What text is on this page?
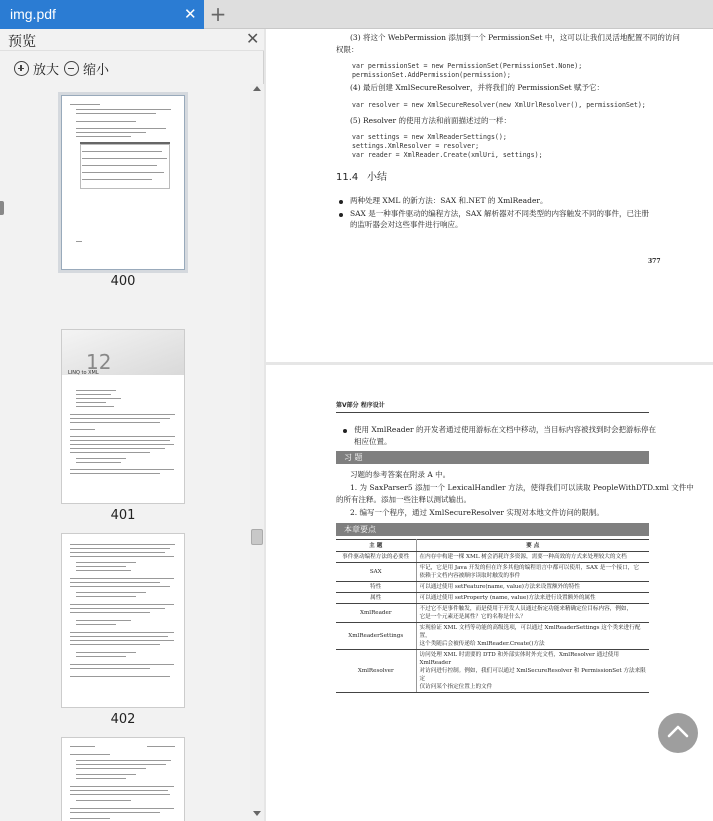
img.pdf	✕ +
预览	✕
放大 缩小
400
12
LINQ to XML
401
402
(3) 将这个 WebPermission 添加到一个 PermissionSet 中，这可以让我们灵活地配置不同的访问
权限：
var permissionSet = new PermissionSet(PermissionSet.None);
permissionSet.AddPermission(permission);
(4) 最后创建 XmlSecureResolver，并将我们的 PermissionSet 赋予它：
var resolver = new XmlSecureResolver(new XmlUrlResolver(), permissionSet);
(5) Resolver 的使用方法和前面描述过的一样：
var settings = new XmlReaderSettings();
settings.XmlResolver = resolver;
var reader = XmlReader.Create(xmlUri, settings);
11.4 小结
两种处理 XML 的新方法：SAX 和.NET 的 XmlReader。
SAX 是一种事件驱动的编程方法，SAX 解析器对不同类型的内容触发不同的事件，已注册
的监听器会对这些事件进行响应。
377
第Ⅴ部分 程序设计
使用 XmlReader 的开发者通过使用游标在文档中移动，当目标内容被找到时会把游标停在
相应位置。
习 题
习题的参考答案在附录 A 中。
1. 为 SaxParser5 添加一个 LexicalHandler 方法，使得我们可以读取 PeopleWithDTD.xml 文件中
的所有注释。添加一些注释以测试输出。
2. 编写一个程序，通过 XmlSecureResolver 实现对本地文件访问的限制。
本章要点
主 题	要 点
事件驱动编程方法的必要性	在内存中构建一棵 XML 树会消耗许多资源，需要一种高效的方式来处理较大的文档

SAX	牢记，它是用 Java 开发的但在许多其他的编程语言中都可以使用，SAX 是一个接口，它
依赖于文档内容被顺序读取时触发的事件

特性	可以通过使用 setFeature(name, value)方法来设置额外的特性

属性	可以通过使用 setProperty (name, value)方法来进行设置额外的属性

XmlReader	不过它不是事件触发，而是使用于开发人员通过指定功能来精确定位目标内容，例如，
它是一个元素还是属性？它的名称是什么？

XmlReaderSettings	实现验证 XML 文档等功能的高级选项，可以通过 XmlReaderSettings 这个类来进行配置，
这个类随后会被传递给 XmlReader.Create()方法

XmlResolver	访问处理 XML 时需要的 DTD 和外部实体时外充文档，XmlResolver 通过使用 XmlReader
对访问进行控制。例如，我们可以通过 XmlSecureResolver 和 PermissionSet 方法来限定
仅访问某个指定位置上的文件
